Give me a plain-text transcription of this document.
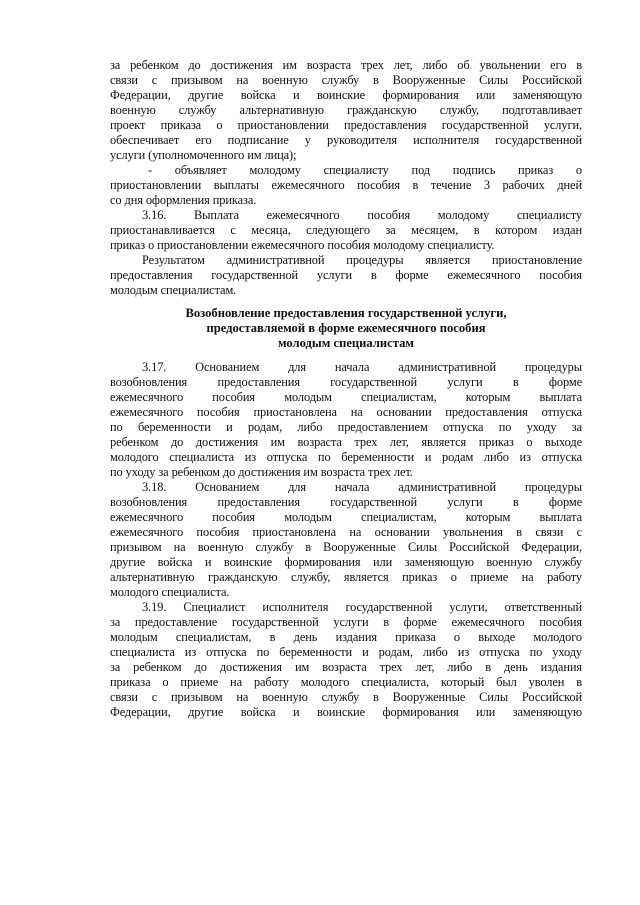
за ребенком до достижения им возраста трех лет, либо об увольнении его в

связи с призывом на военную службу в Вооруженные Силы Российской

Федерации, другие войска и воинские формирования или заменяющую

военную службу альтернативную гражданскую службу, подготавливает

проект приказа о приостановлении предоставления государственной услуги,

обеспечивает его подписание у руководителя исполнителя государственной

услуги (уполномоченного им лица);

- объявляет молодому специалисту под подпись приказ о

приостановлении выплаты ежемесячного пособия в течение 3 рабочих дней

со дня оформления приказа.

3.16. Выплата ежемесячного пособия молодому специалисту

приостанавливается с месяца, следующего за месяцем, в котором издан

приказ о приостановлении ежемесячного пособия молодому специалисту.

Результатом административной процедуры является приостановление

предоставления государственной услуги в форме ежемесячного пособия

молодым специалистам.

Возобновление предоставления государственной услуги,

предоставляемой в форме ежемесячного пособия

молодым специалистам

3.17. Основанием для начала административной процедуры

возобновления предоставления государственной услуги в форме

ежемесячного пособия молодым специалистам, которым выплата

ежемесячного пособия приостановлена на основании предоставления отпуска

по беременности и родам, либо предоставлением отпуска по уходу за

ребенком до достижения им возраста трех лет, является приказ о выходе

молодого специалиста из отпуска по беременности и родам либо из отпуска

по уходу за ребенком до достижения им возраста трех лет.

3.18. Основанием для начала административной процедуры

возобновления предоставления государственной услуги в форме

ежемесячного пособия молодым специалистам, которым выплата

ежемесячного пособия приостановлена на основании увольнения в связи с

призывом на военную службу в Вооруженные Силы Российской Федерации,

другие войска и воинские формирования или заменяющую военную службу

альтернативную гражданскую службу, является приказ о приеме на работу

молодого специалиста.

3.19. Специалист исполнителя государственной услуги, ответственный

за предоставление государственной услуги в форме ежемесячного пособия

молодым специалистам, в день издания приказа о выходе молодого

специалиста из отпуска по беременности и родам, либо из отпуска по уходу

за ребенком до достижения им возраста трех лет, либо в день издания

приказа о приеме на работу молодого специалиста, который был уволен в

связи с призывом на военную службу в Вооруженные Силы Российской

Федерации, другие войска и воинские формирования или заменяющую
